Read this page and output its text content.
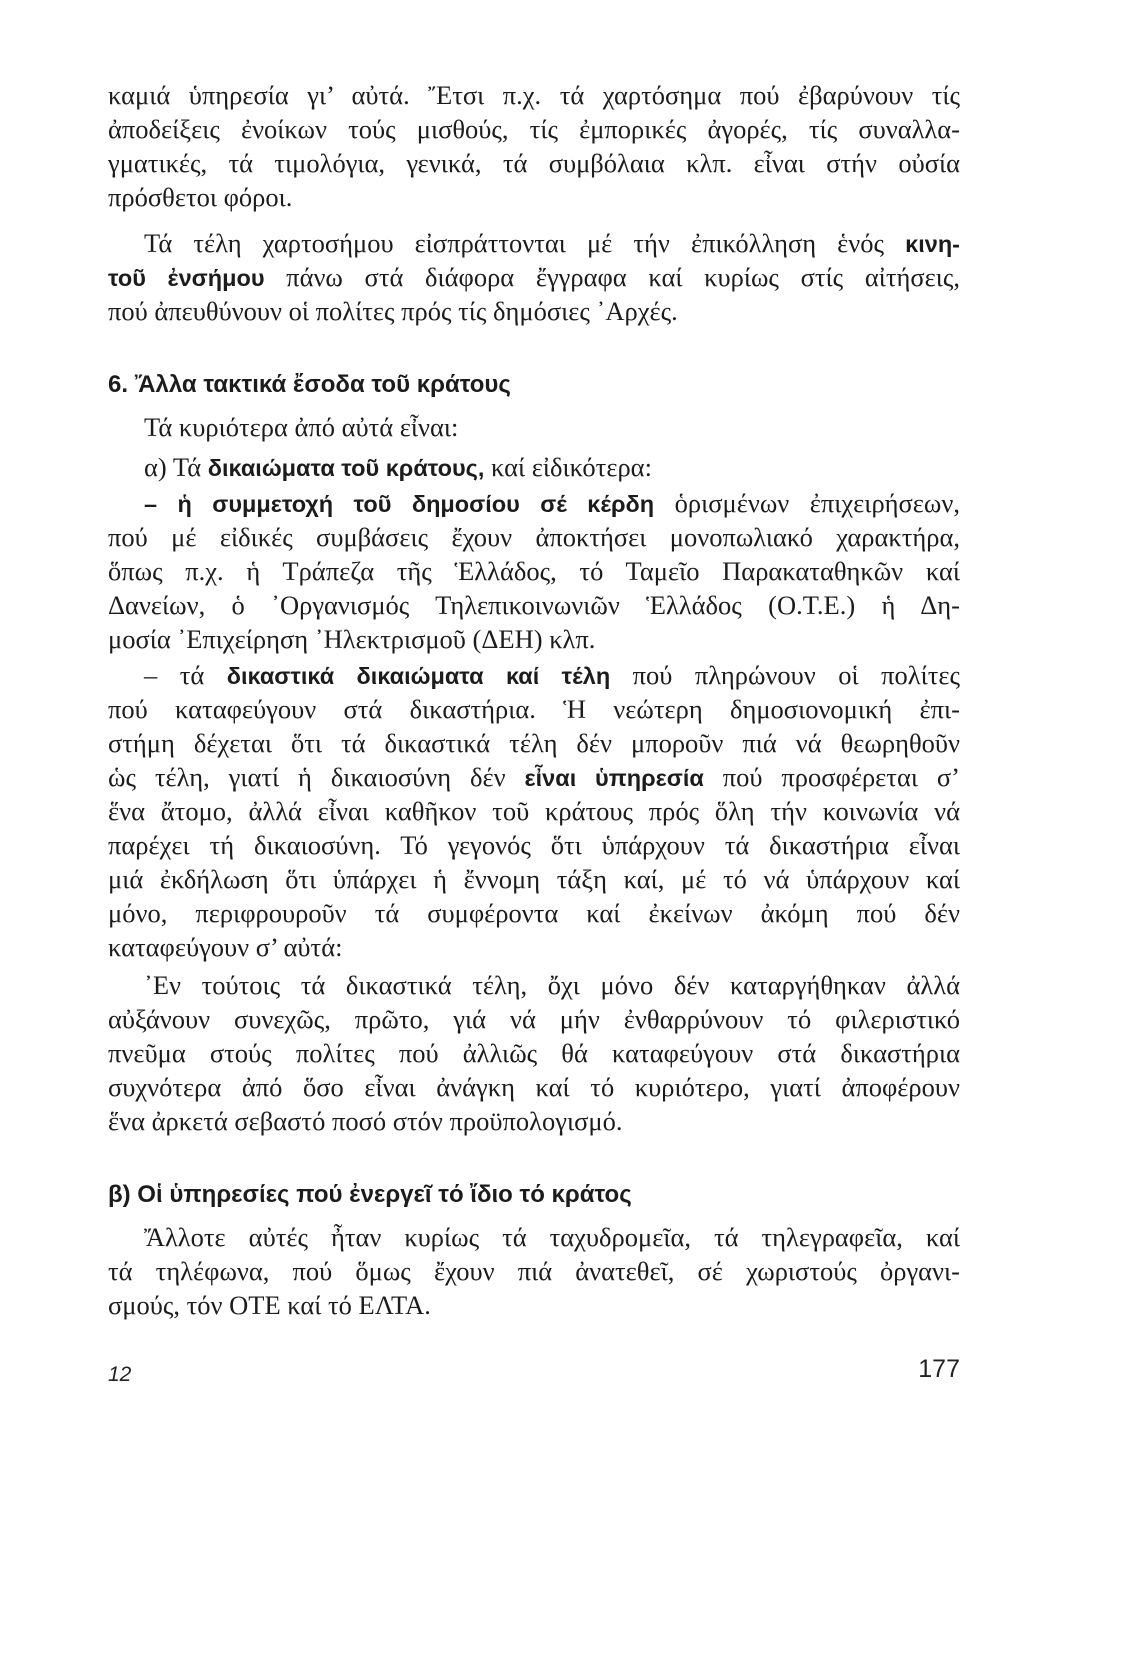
καμιά ὑπηρεσία γι’ αὐτά. Ἔτσι π.χ. τά χαρτόσημα πού ἐβαρύνουν τίς
ἀποδείξεις ἐνοίκων τούς μισθούς, τίς ἐμπορικές ἀγορές, τίς συναλλα-
γματικές, τά τιμολόγια, γενικά, τά συμβόλαια κλπ. εἶναι στήν οὐσία
πρόσθετοι φόροι.
Τά τέλη χαρτοσήμου εἰσπράττονται μέ τήν ἐπικόλληση ἑνός κινη-
τοῦ ἐνσήμου πάνω στά διάφορα ἔγγραφα καί κυρίως στίς αἰτήσεις,
πού ἀπευθύνουν οἱ πολίτες πρός τίς δημόσιες ᾿Αρχές.
6. Ἄλλα τακτικά ἔσοδα τοῦ κράτους
Τά κυριότερα ἀπό αὐτά εἶναι:
α) Τά δικαιώματα τοῦ κράτους, καί εἰδικότερα:
– ἡ συμμετοχή τοῦ δημοσίου σέ κέρδη ὁρισμένων ἐπιχειρήσεων,
πού μέ εἰδικές συμβάσεις ἔχουν ἀποκτήσει μονοπωλιακό χαρακτήρα,
ὅπως π.χ. ἡ Τράπεζα τῆς Ἑλλάδος, τό Ταμεῖο Παρακαταθηκῶν καί
Δανείων, ὁ ᾿Οργανισμός Τηλεπικοινωνιῶν Ἑλλάδος (Ο.Τ.Ε.) ἡ Δη-
μοσία ᾿Επιχείρηση ᾿Ηλεκτρισμοῦ (ΔΕΗ) κλπ.
– τά δικαστικά δικαιώματα καί τέλη πού πληρώνουν οἱ πολίτες
πού καταφεύγουν στά δικαστήρια. Ἡ νεώτερη δημοσιονομική ἐπι-
στήμη δέχεται ὅτι τά δικαστικά τέλη δέν μποροῦν πιά νά θεωρηθοῦν
ὡς τέλη, γιατί ἡ δικαιοσύνη δέν εἶναι ὑπηρεσία πού προσφέρεται σ’
ἕνα ἄτομο, ἀλλά εἶναι καθῆκον τοῦ κράτους πρός ὅλη τήν κοινωνία νά
παρέχει τή δικαιοσύνη. Τό γεγονός ὅτι ὑπάρχουν τά δικαστήρια εἶναι
μιά ἐκδήλωση ὅτι ὑπάρχει ἡ ἔννομη τάξη καί, μέ τό νά ὑπάρχουν καί
μόνο, περιφρουροῦν τά συμφέροντα καί ἐκείνων ἀκόμη πού δέν
καταφεύγουν σ’ αὐτά:
᾿Εν τούτοις τά δικαστικά τέλη, ὄχι μόνο δέν καταργήθηκαν ἀλλά
αὐξάνουν συνεχῶς, πρῶτο, γιά νά μήν ἐνθαρρύνουν τό φιλεριστικό
πνεῦμα στούς πολίτες πού ἀλλιῶς θά καταφεύγουν στά δικαστήρια
συχνότερα ἀπό ὅσο εἶναι ἀνάγκη καί τό κυριότερο, γιατί ἀποφέρουν
ἕνα ἀρκετά σεβαστό ποσό στόν προϋπολογισμό.
β) Οἱ ὑπηρεσίες πού ἐνεργεῖ τό ἴδιο τό κράτος
Ἄλλοτε αὐτές ἦταν κυρίως τά ταχυδρομεῖα, τά τηλεγραφεῖα, καί
τά τηλέφωνα, πού ὅμως ἔχουν πιά ἀνατεθεῖ, σέ χωριστούς ὀργανι-
σμούς, τόν ΟΤΕ καί τό ΕΛΤΑ.
12	177
